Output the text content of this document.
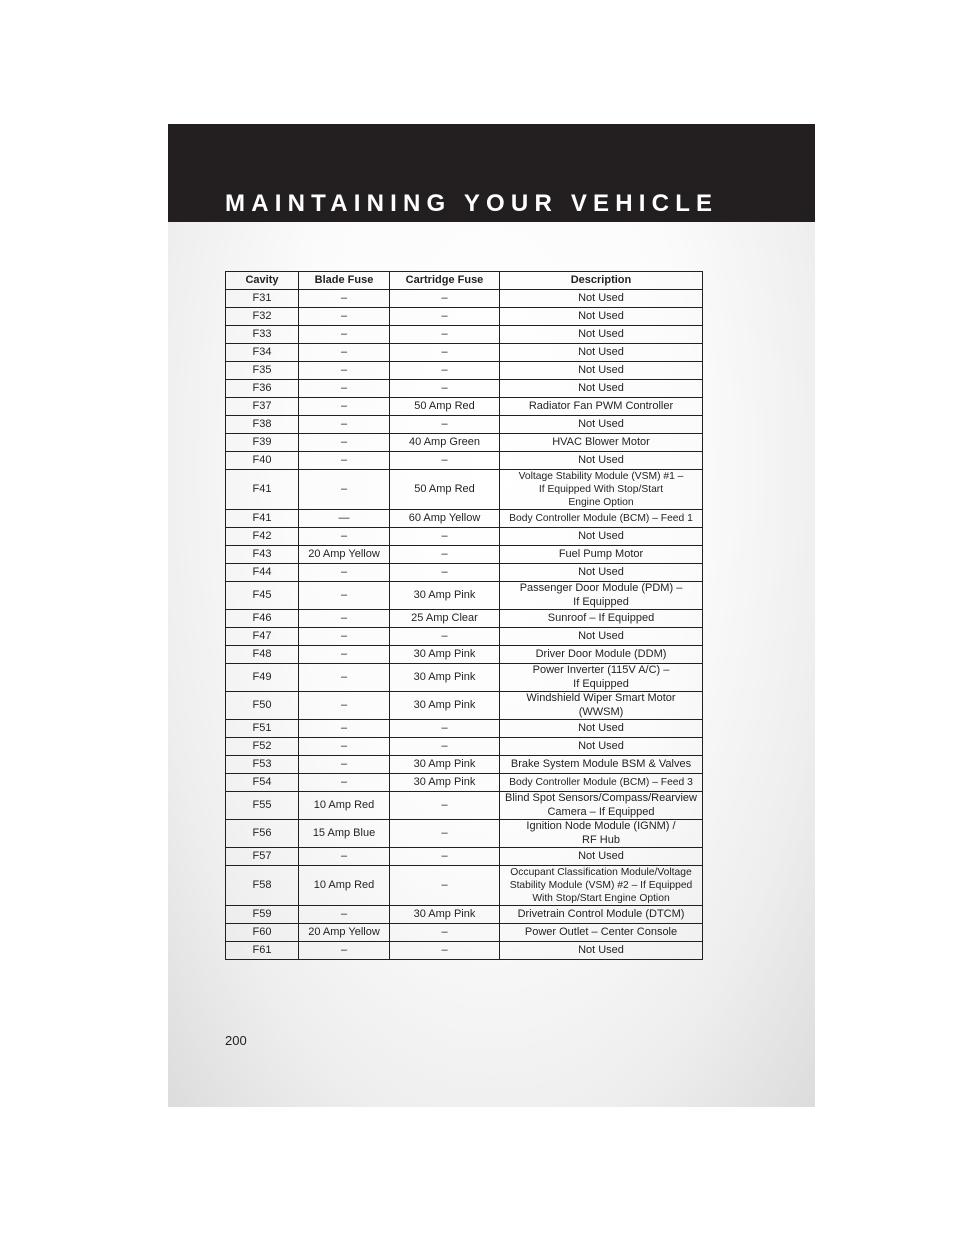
MAINTAINING YOUR VEHICLE
Cavity	Blade Fuse	Cartridge Fuse	Description
F31	–	–	Not Used
F32	–	–	Not Used
F33	–	–	Not Used
F34	–	–	Not Used
F35	–	–	Not Used
F36	–	–	Not Used
F37	–	50 Amp Red	Radiator Fan PWM Controller
F38	–	–	Not Used
F39	–	40 Amp Green	HVAC Blower Motor
F40	–	–	Not Used
F41	–	50 Amp Red	Voltage Stability Module (VSM) #1 –
If Equipped With Stop/Start
Engine Option
F41	—	60 Amp Yellow	Body Controller Module (BCM) – Feed 1
F42	–	–	Not Used
F43	20 Amp Yellow	–	Fuel Pump Motor
F44	–	–	Not Used
F45	–	30 Amp Pink	Passenger Door Module (PDM) –
If Equipped
F46	–	25 Amp Clear	Sunroof – If Equipped
F47	–	–	Not Used
F48	–	30 Amp Pink	Driver Door Module (DDM)
F49	–	30 Amp Pink	Power Inverter (115V A/C) –
If Equipped
F50	–	30 Amp Pink	Windshield Wiper Smart Motor
(WWSM)
F51	–	–	Not Used
F52	–	–	Not Used
F53	–	30 Amp Pink	Brake System Module BSM & Valves
F54	–	30 Amp Pink	Body Controller Module (BCM) – Feed 3
F55	10 Amp Red	–	Blind Spot Sensors/Compass/Rearview
Camera – If Equipped
F56	15 Amp Blue	–	Ignition Node Module (IGNM) /
RF Hub
F57	–	–	Not Used
F58	10 Amp Red	–	Occupant Classification Module/Voltage
Stability Module (VSM) #2 – If Equipped
With Stop/Start Engine Option
F59	–	30 Amp Pink	Drivetrain Control Module (DTCM)
F60	20 Amp Yellow	–	Power Outlet – Center Console
F61	–	–	Not Used
200
